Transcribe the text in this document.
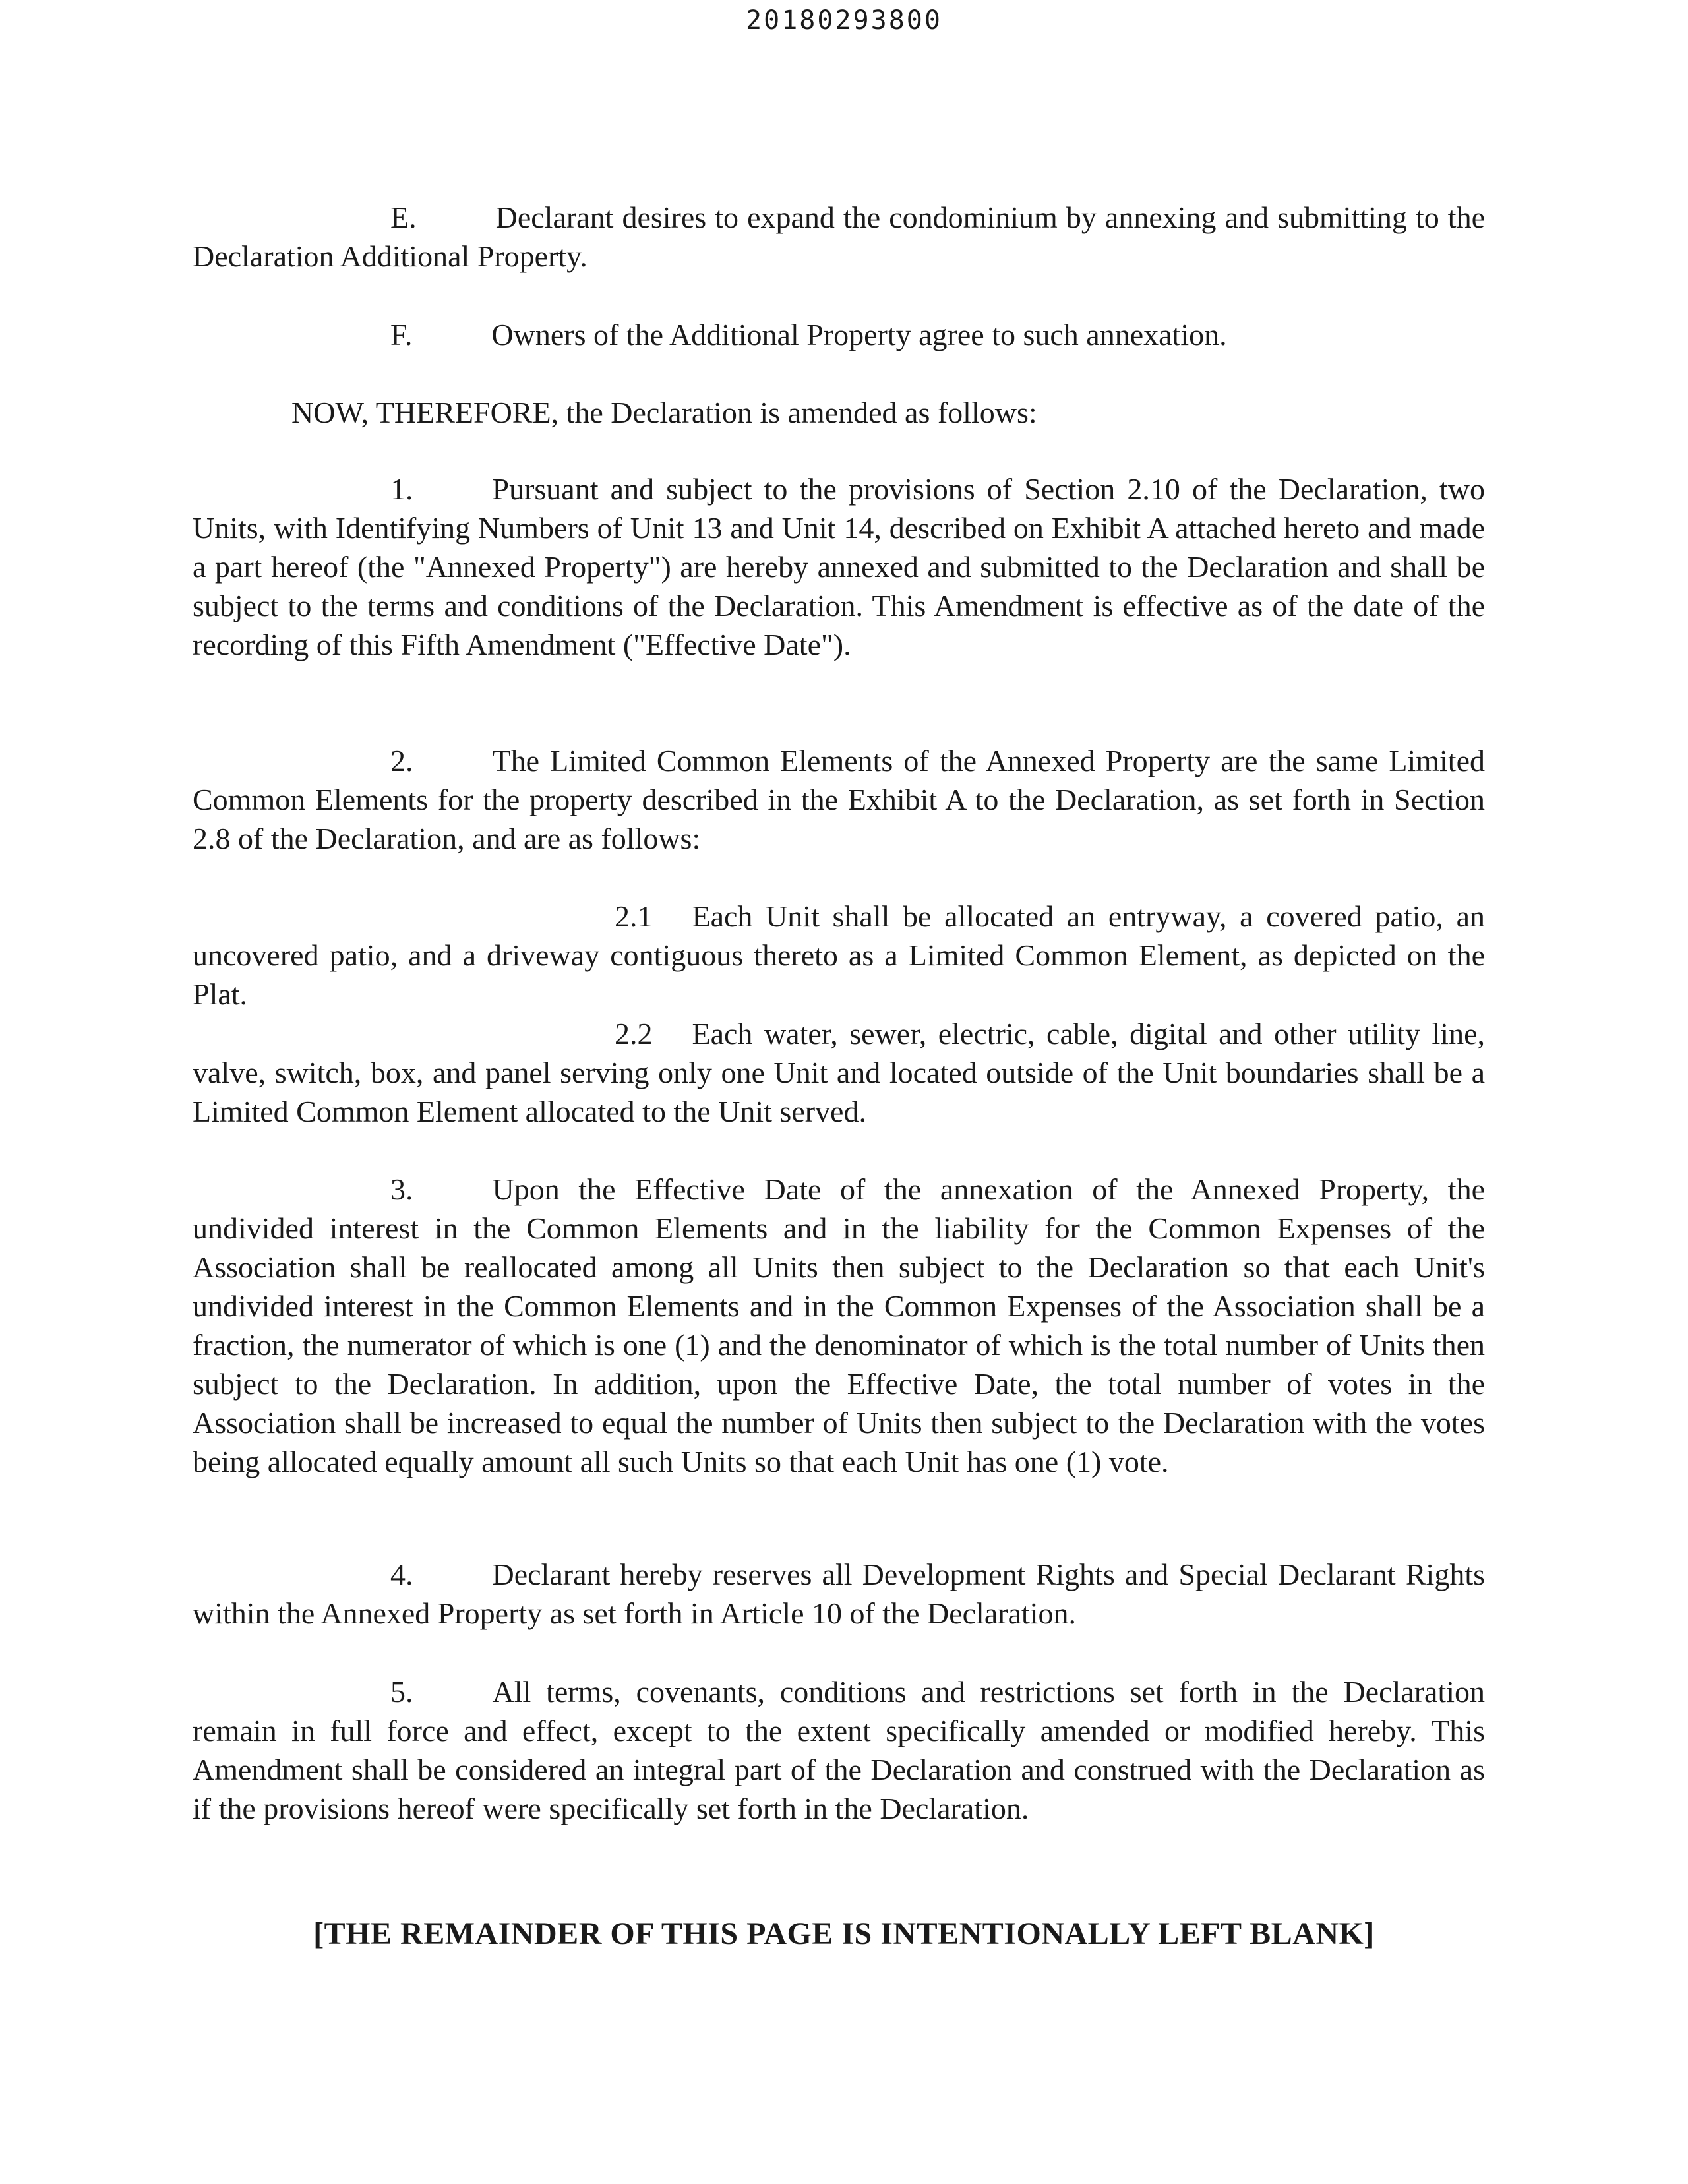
20180293800

E.	Declarant desires to expand the condominium by annexing and submitting to the Declaration Additional Property.

F.	Owners of the Additional Property agree to such annexation.

NOW, THEREFORE, the Declaration is amended as follows:

1.	Pursuant and subject to the provisions of Section 2.10 of the Declaration, two Units, with Identifying Numbers of Unit 13 and Unit 14, described on Exhibit A attached hereto and made a part hereof (the "Annexed Property") are hereby annexed and submitted to the Declaration and shall be subject to the terms and conditions of the Declaration. This Amendment is effective as of the date of the recording of this Fifth Amendment ("Effective Date").

2.	The Limited Common Elements of the Annexed Property are the same Limited Common Elements for the property described in the Exhibit A to the Declaration, as set forth in Section 2.8 of the Declaration, and are as follows:

2.1 Each Unit shall be allocated an entryway, a covered patio, an uncovered patio, and a driveway contiguous thereto as a Limited Common Element, as depicted on the Plat.

2.2 Each water, sewer, electric, cable, digital and other utility line, valve, switch, box, and panel serving only one Unit and located outside of the Unit boundaries shall be a Limited Common Element allocated to the Unit served.

3.	Upon the Effective Date of the annexation of the Annexed Property, the undivided interest in the Common Elements and in the liability for the Common Expenses of the Association shall be reallocated among all Units then subject to the Declaration so that each Unit's undivided interest in the Common Elements and in the Common Expenses of the Association shall be a fraction, the numerator of which is one (1) and the denominator of which is the total number of Units then subject to the Declaration. In addition, upon the Effective Date, the total number of votes in the Association shall be increased to equal the number of Units then subject to the Declaration with the votes being allocated equally amount all such Units so that each Unit has one (1) vote.

4.	Declarant hereby reserves all Development Rights and Special Declarant Rights within the Annexed Property as set forth in Article 10 of the Declaration.

5.	All terms, covenants, conditions and restrictions set forth in the Declaration remain in full force and effect, except to the extent specifically amended or modified hereby. This Amendment shall be considered an integral part of the Declaration and construed with the Declaration as if the provisions hereof were specifically set forth in the Declaration.

[THE REMAINDER OF THIS PAGE IS INTENTIONALLY LEFT BLANK]
